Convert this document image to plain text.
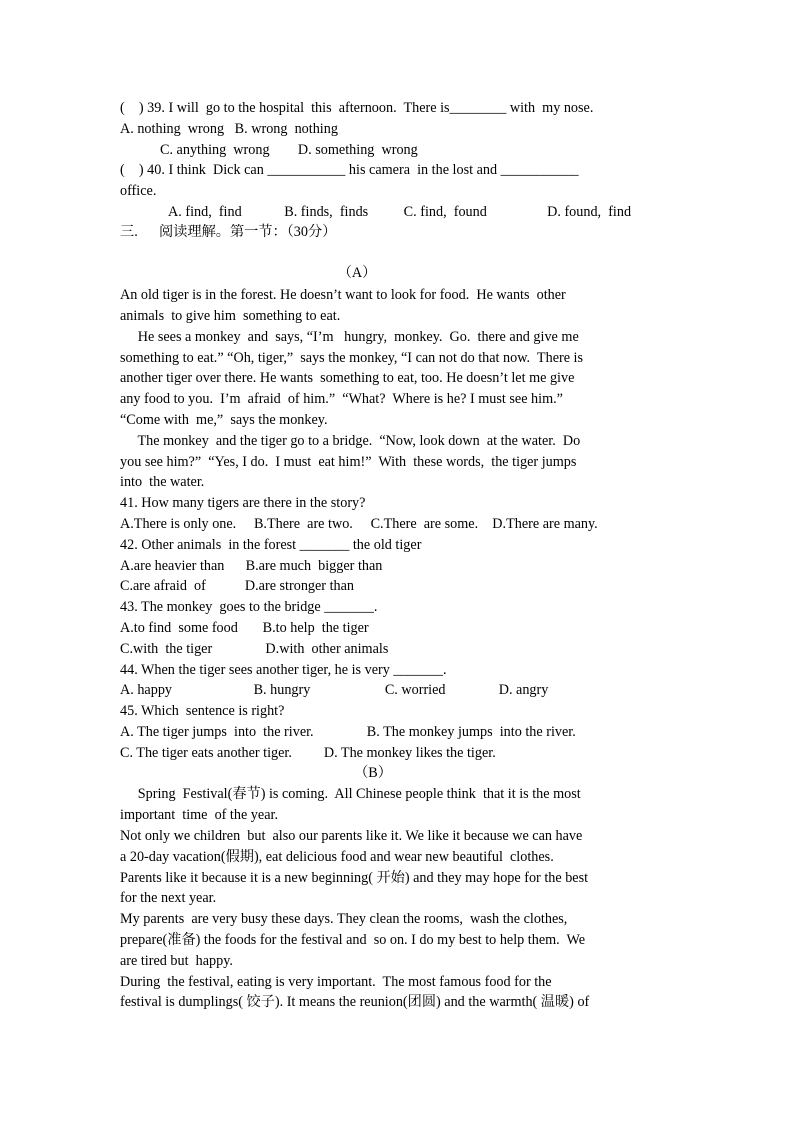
(    ) 39. I will  go to the hospital  this  afternoon.  There is________ with  my nose.
A. nothing  wrong   B. wrong  nothing
C. anything  wrong        D. something  wrong
(    ) 40. I think  Dick can ___________ his camera  in the lost and ___________
office.
A. find,  find            B. finds,  finds          C. find,  found                 D. found,  find
三.      阅读理解。第一节：（30分）
（A）
An old tiger is in the forest. He doesn’t want to look for food.  He wants  other
animals  to give him  something to eat.
He sees a monkey  and  says, “I’m   hungry,  monkey.  Go.  there and give me
something to eat.” “Oh, tiger,”  says the monkey, “I can not do that now.  There is
another tiger over there. He wants  something to eat, too. He doesn’t let me give
any food to you.  I’m  afraid  of him.”  “What?  Where is he? I must see him.”
“Come with  me,”  says the monkey.
The monkey  and the tiger go to a bridge.  “Now, look down  at the water.  Do
you see him?”  “Yes, I do.  I must  eat him!”  With  these words,  the tiger jumps
into  the water.
41. How many tigers are there in the story?
A.There is only one.     B.There  are two.     C.There  are some.    D.There are many.
42. Other animals  in the forest _______ the old tiger
A.are heavier than      B.are much  bigger than
C.are afraid  of           D.are stronger than
43. The monkey  goes to the bridge _______.
A.to find  some food       B.to help  the tiger
C.with  the tiger               D.with  other animals
44. When the tiger sees another tiger, he is very _______.
A. happy                       B. hungry                     C. worried               D. angry
45. Which  sentence is right?
A. The tiger jumps  into  the river.               B. The monkey jumps  into the river.
C. The tiger eats another tiger.         D. The monkey likes the tiger.
（B）
Spring  Festival(春节) is coming.  All Chinese people think  that it is the most
important  time  of the year.
Not only we children  but  also our parents like it. We like it because we can have
a 20-day vacation(假期), eat delicious food and wear new beautiful  clothes.
Parents like it because it is a new beginning( 开始) and they may hope for the best
for the next year.
My parents  are very busy these days. They clean the rooms,  wash the clothes,
prepare(准备) the foods for the festival and  so on. I do my best to help them.  We
are tired but  happy.
During  the festival, eating is very important.  The most famous food for the
festival is dumplings( 饺子). It means the reunion(团圆) and the warmth( 温暖) of
